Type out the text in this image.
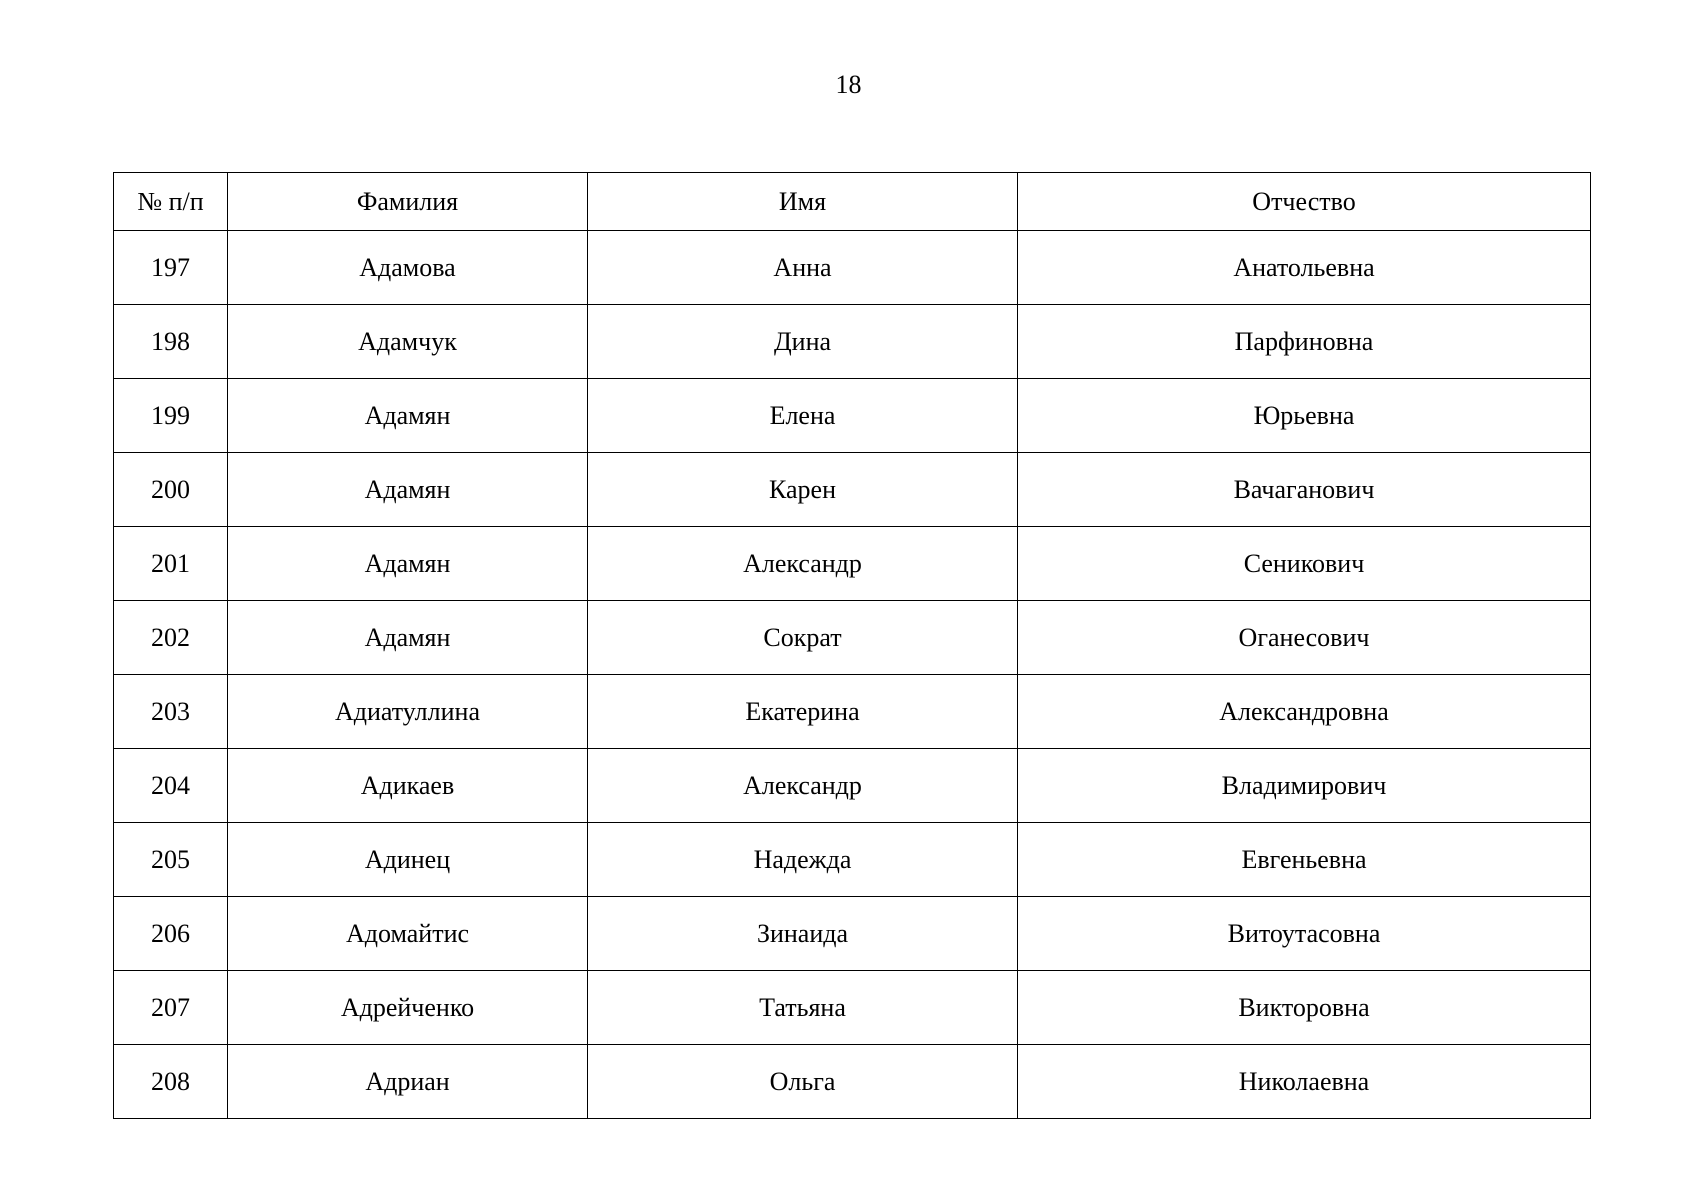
18
№ п/п	Фамилия	Имя	Отчество
197	Адамова	Анна	Анатольевна
198	Адамчук	Дина	Парфиновна
199	Адамян	Елена	Юрьевна
200	Адамян	Карен	Вачаганович
201	Адамян	Александр	Сеникович
202	Адамян	Сократ	Оганесович
203	Адиатуллина	Екатерина	Александровна
204	Адикаев	Александр	Владимирович
205	Адинец	Надежда	Евгеньевна
206	Адомайтис	Зинаида	Витоутасовна
207	Адрейченко	Татьяна	Викторовна
208	Адриан	Ольга	Николаевна
